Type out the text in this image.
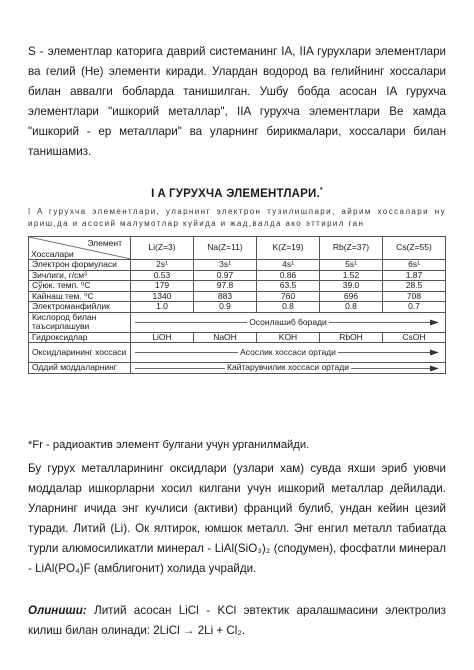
S - элементлар каторига даврий системанинг IA, IIA гурухлари элементлари ва гелий (He) элементи киради. Улардан водород ва гелийнинг хоссалари билан аввалги бобларда танишилган. Ушбу бобда асосан IA гурухча элементлари "ишкорий металлар", IIA гурухча элементлари Be хамда "ишкорий - ер металлари" ва уларнинг бирикмалари, хоссалари билан танишамиз.

I A ГУРУХЧА ЭЛЕМЕНТЛАРИ.*

I A гурухча элементлари, уларнинг электрон тузилишлари, айрим хоссалари ну ириш,да и асосий малумотлар куйида и жад,валда ако эттирил ган

Элемент
Хоссалари	Li(Z=3)	Na(Z=11)	K(Z=19)	Rb(Z=37)	Cs(Z=55)
Электрон формуласи	2s¹	3s¹	4s¹	5s¹	6s¹
Зичлиги, г/см³	0.53	0.97	0.86	1.52	1.87
Сўюк. темп. ⁰С	179	97.8	63.5	39.0	28.5
Кайнаш тем. ⁰С	1340	883	760	696	708
Электроманфийлик	1.0	0.9	0.8	0.8	0.7
Кислород билан таъсирлашуви	Осонлашиб боради				
Гидроксидлар	LiOH	NaOH	KOH	RbOH	CsOH
Оксидларининг хоссаси	Асослик хоссаси ортади				
Оддий моддаларнинг	Кайтарувчилик хоссаси ортади				

*Fr - радиоактив элемент булгани учун урганилмайди.

Бу гурух металларининг оксидлари (узлари хам) сувда яхши эриб уювчи моддалар ишкорларни хосил килгани учун ишкорий металлар дейилади. Уларнинг ичида энг кучлиси (активи) франций булиб, ундан кейин цезий туради. Литий (Li). Ок ялтирок, юмшок металл. Энг енгил металл табиатда турли алюмосиликатли минерал - LiAl(SiO₃)₂ (сподумен), фосфатли минерал - LiAl(PO₄)F (амблигонит) холида учрайди.

Олиниши: Литий асосан LiCl - KCl эвтектик аралашмасини электролиз килиш билан олинади: 2LiCl → 2Li + Cl₂.
